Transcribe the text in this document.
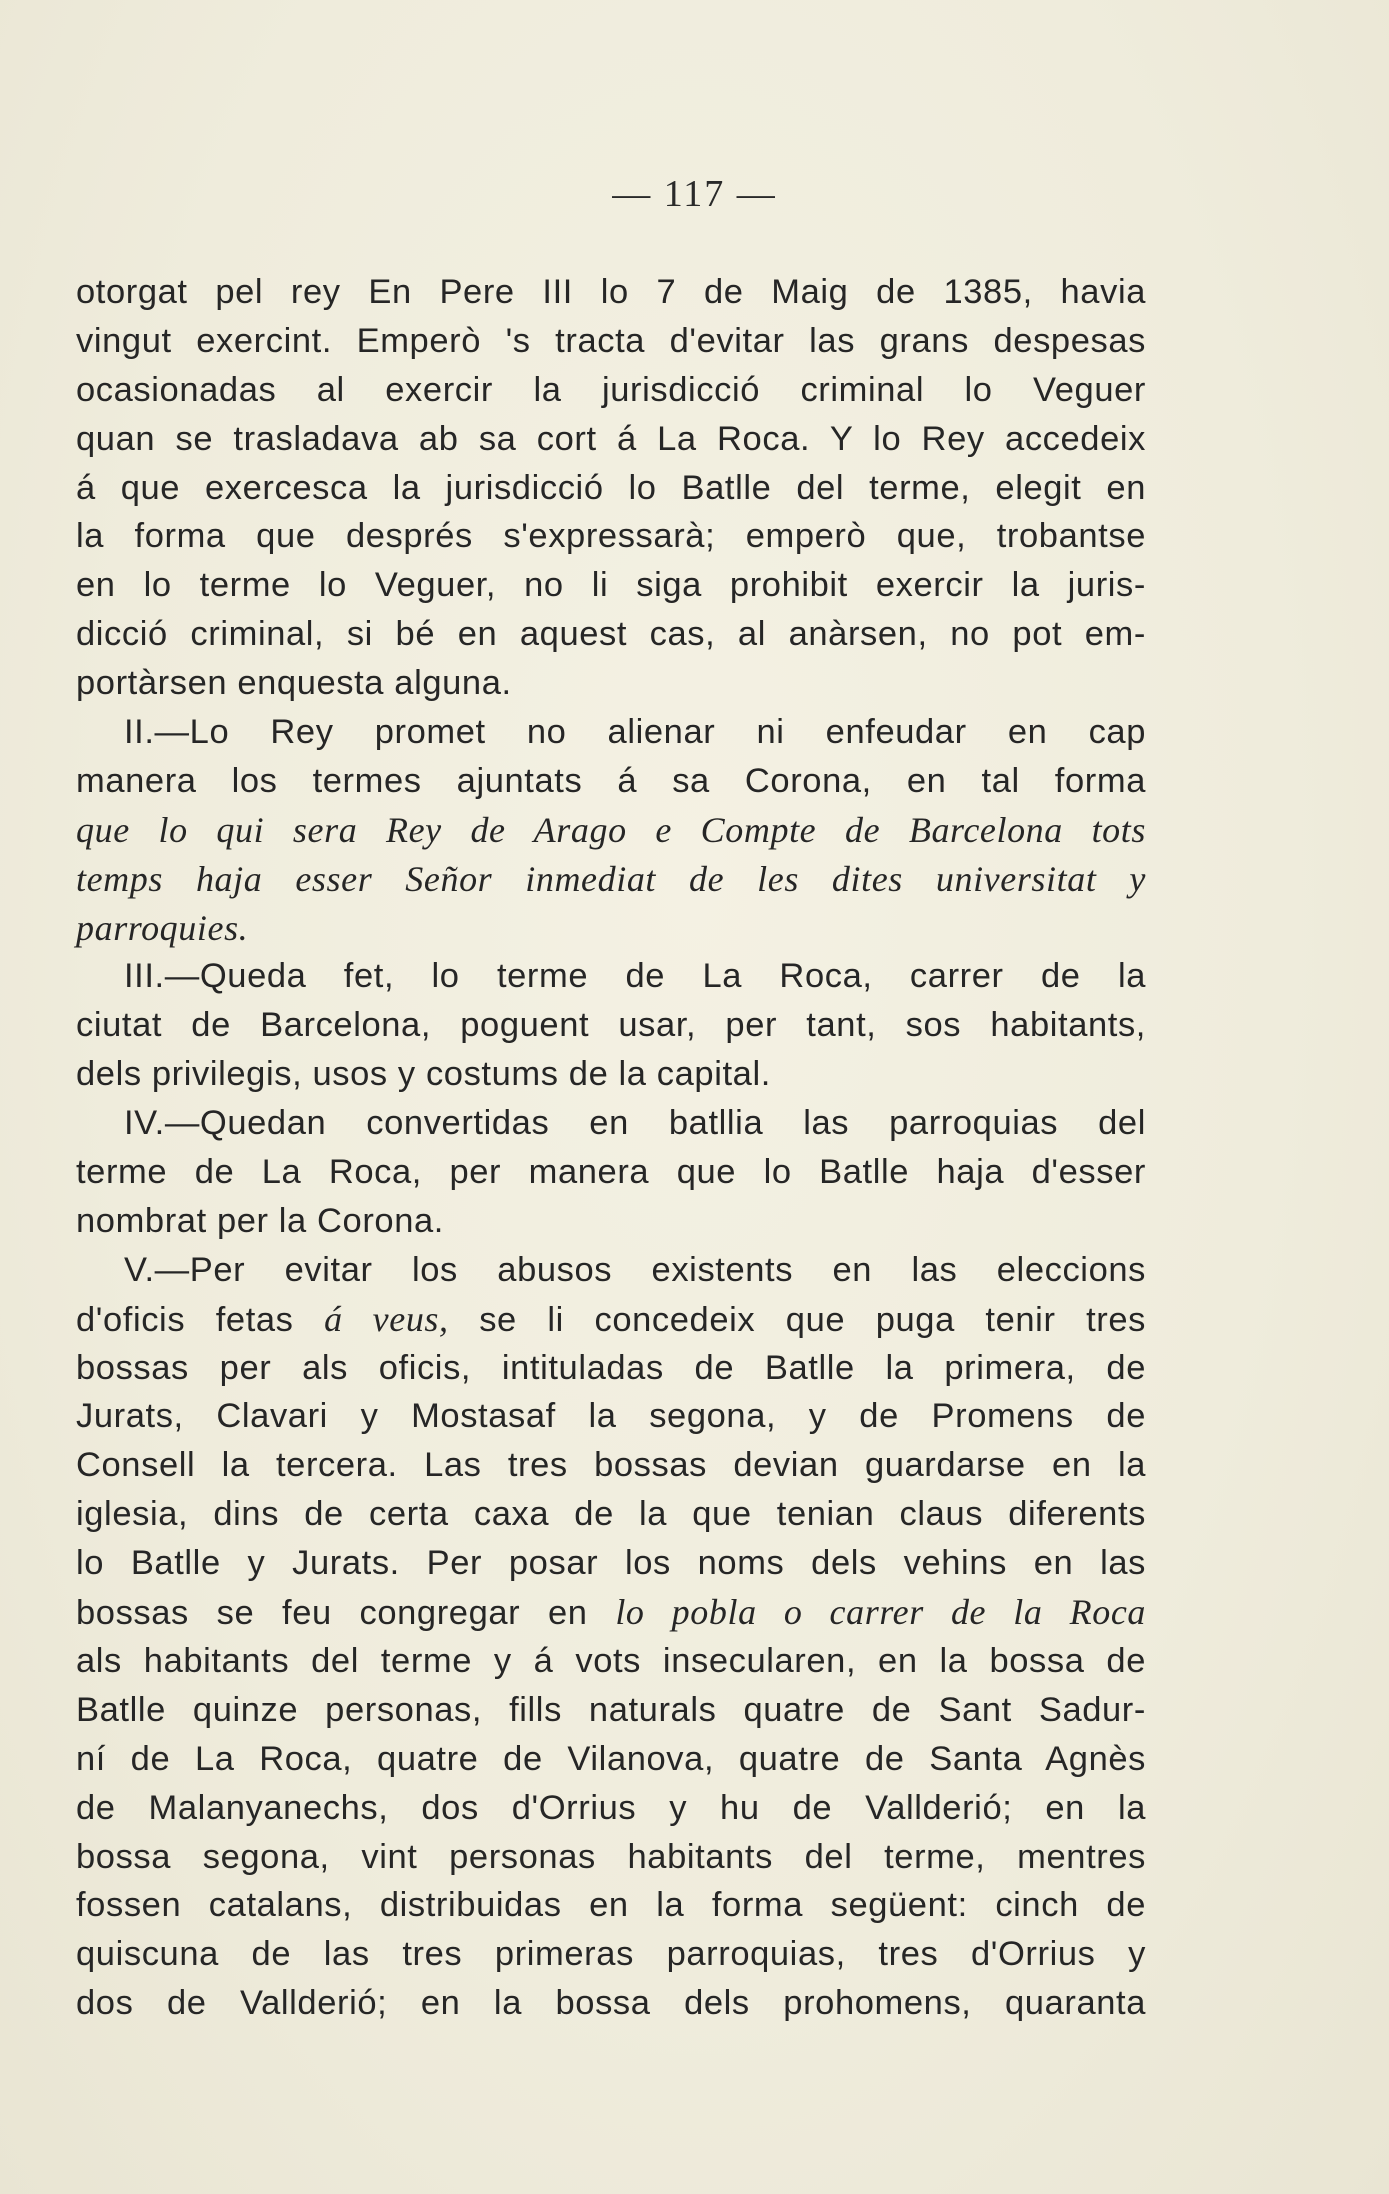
— 117 —
otorgat pel rey En Pere III lo 7 de Maig de 1385, havia
vingut exercint. Emperò 's tracta d'evitar las grans despesas
ocasionadas al exercir la jurisdicció criminal lo Veguer
quan se trasladava ab sa cort á La Roca. Y lo Rey accedeix
á que exercesca la jurisdicció lo Batlle del terme, elegit en
la forma que després s'expressarà; emperò que, trobantse
en lo terme lo Veguer, no li siga prohibit exercir la juris-
dicció criminal, si bé en aquest cas, al anàrsen, no pot em-
portàrsen enquesta alguna.
II.—Lo Rey promet no alienar ni enfeudar en cap
manera los termes ajuntats á sa Corona, en tal forma
que lo qui sera Rey de Arago e Compte de Barcelona tots
temps haja esser Señor inmediat de les dites universitat y
parroquies.
III.—Queda fet, lo terme de La Roca, carrer de la
ciutat de Barcelona, poguent usar, per tant, sos habitants,
dels privilegis, usos y costums de la capital.
IV.—Quedan convertidas en batllia las parroquias del
terme de La Roca, per manera que lo Batlle haja d'esser
nombrat per la Corona.
V.—Per evitar los abusos existents en las eleccions
d'oficis fetas á veus, se li concedeix que puga tenir tres
bossas per als oficis, intituladas de Batlle la primera, de
Jurats, Clavari y Mostasaf la segona, y de Promens de
Consell la tercera. Las tres bossas devian guardarse en la
iglesia, dins de certa caxa de la que tenian claus diferents
lo Batlle y Jurats. Per posar los noms dels vehins en las
bossas se feu congregar en lo pobla o carrer de la Roca
als habitants del terme y á vots insecularen, en la bossa de
Batlle quinze personas, fills naturals quatre de Sant Sadur-
ní de La Roca, quatre de Vilanova, quatre de Santa Agnès
de Malanyanechs, dos d'Orrius y hu de Vallderió; en la
bossa segona, vint personas habitants del terme, mentres
fossen catalans, distribuidas en la forma següent: cinch de
quiscuna de las tres primeras parroquias, tres d'Orrius y
dos de Vallderió; en la bossa dels prohomens, quaranta
